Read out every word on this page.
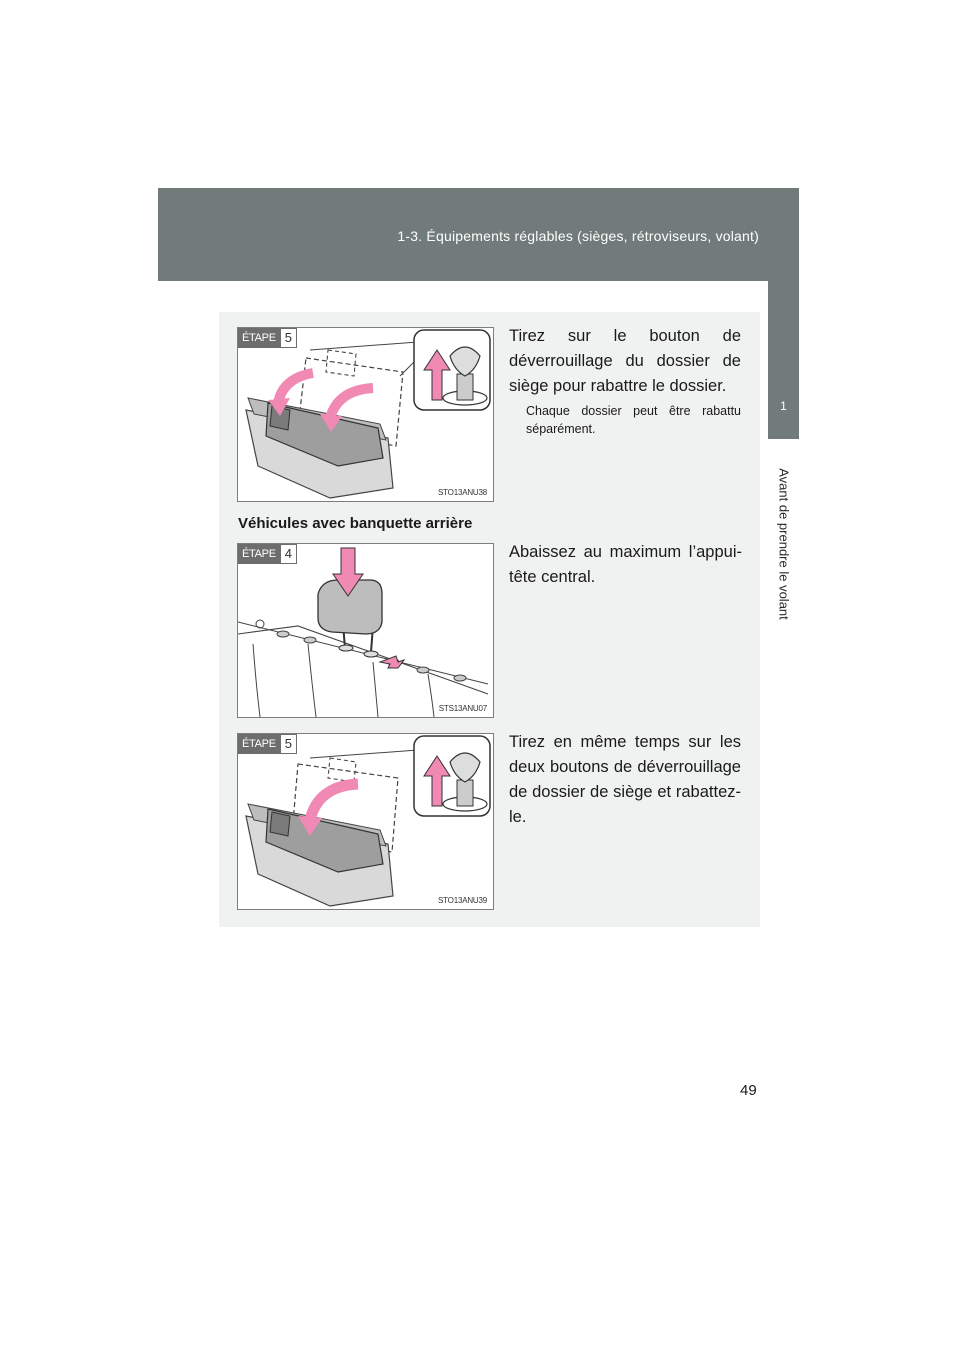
1-3. Équipements réglables (sièges, rétroviseurs, volant)
1
Avant de prendre le volant
ÉTAPE 5
STO13ANU38
Tirez sur le bouton de déverrouillage du dossier de siège pour rabattre le dossier.
Chaque dossier peut être rabattu séparément.
Véhicules avec banquette arrière
ÉTAPE 4
STS13ANU07
Abaissez au maximum l’appui-tête central.
ÉTAPE 5
STO13ANU39
Tirez en même temps sur les deux boutons de déverrouillage de dossier de siège et rabattez-le.
49
